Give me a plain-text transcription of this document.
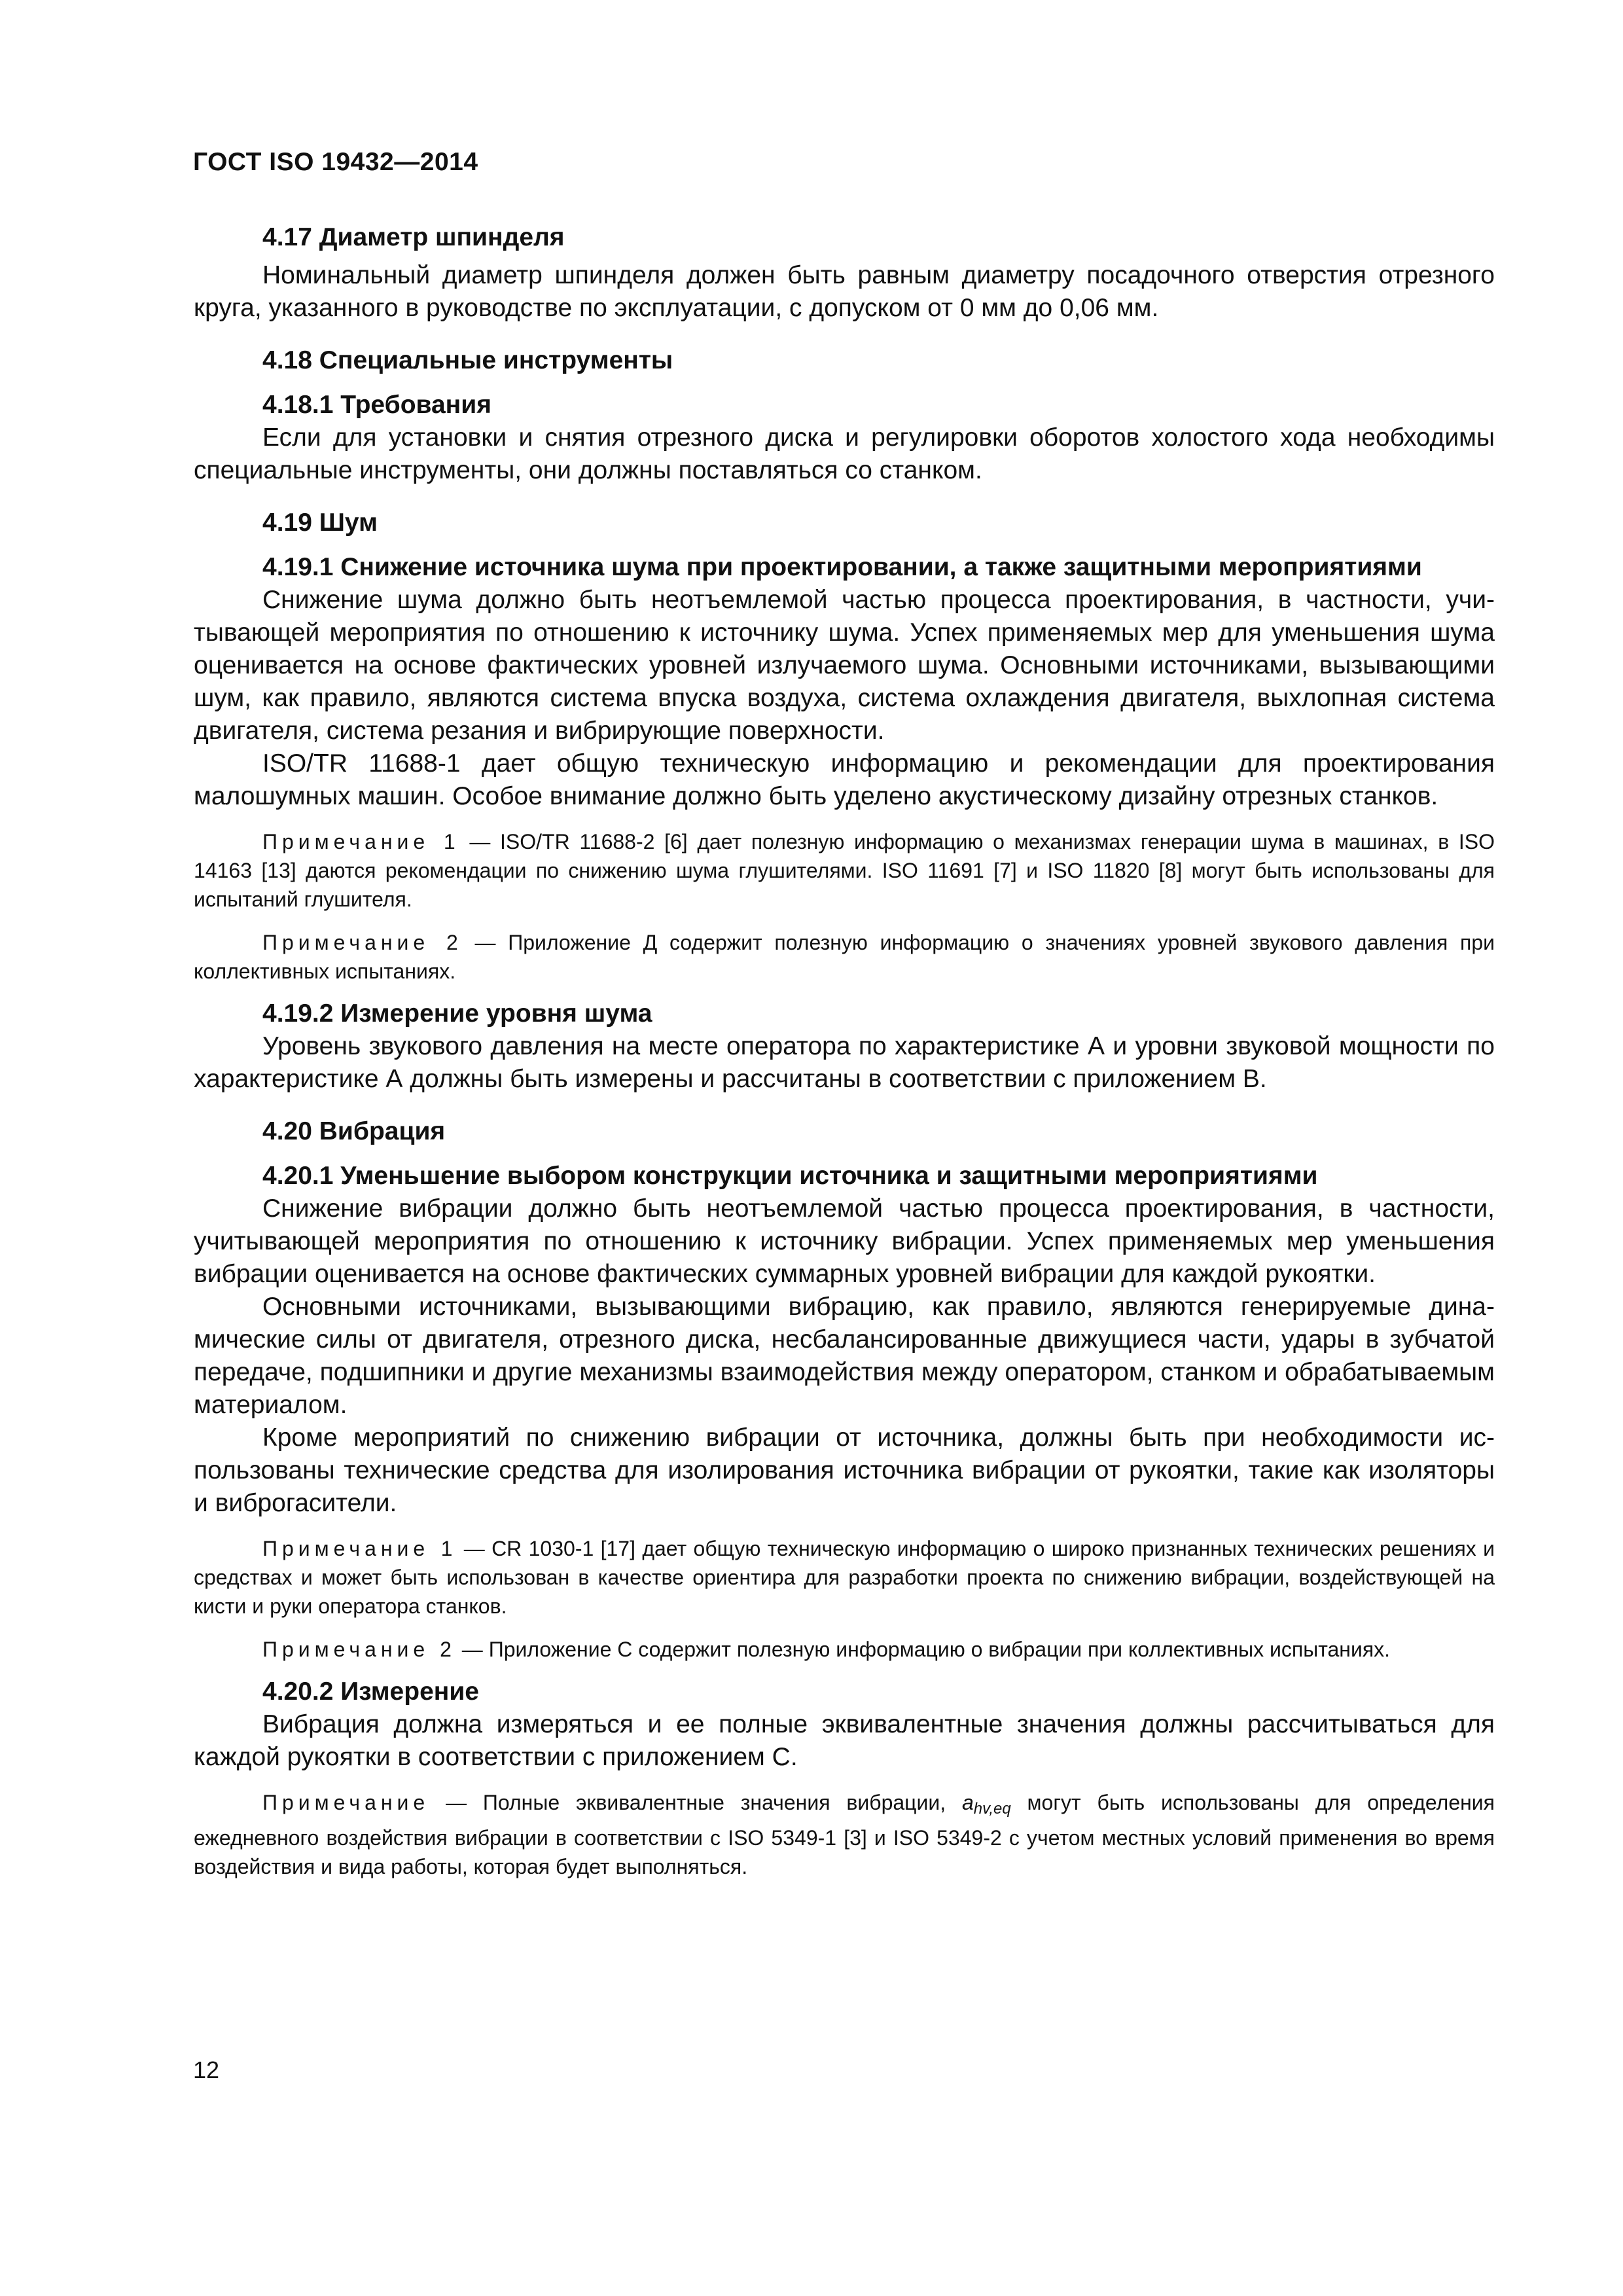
ГОСТ ISO 19432—2014

4.17 Диаметр шпинделя

Номинальный диаметр шпинделя должен быть равным диаметру посадочного отверстия отрезного круга, указанного в руководстве по эксплуатации, с допуском от 0 мм до 0,06 мм.

4.18 Специальные инструменты

4.18.1 Требования

Если для установки и снятия отрезного диска и регулировки оборотов холостого хода необходимы специальные инструменты, они должны поставляться со станком.

4.19 Шум

4.19.1 Снижение источника шума при проектировании, а также защитными мероприятиями

Снижение шума должно быть неотъемлемой частью процесса проектирования, в частности, учитывающей мероприятия по отношению к источнику шума. Успех применяемых мер для уменьшения шума оценивается на основе фактических уровней излучаемого шума. Основными источниками, вызывающими шум, как правило, являются система впуска воздуха, система охлаждения двигателя, выхлопная система двигателя, система резания и вибрирующие поверхности.

ISO/TR 11688-1 дает общую техническую информацию и рекомендации для проектирования малошумных машин. Особое внимание должно быть уделено акустическому дизайну отрезных станков.

Примечание 1 — ISO/TR 11688-2 [6] дает полезную информацию о механизмах генерации шума в машинах, в ISO 14163 [13] даются рекомендации по снижению шума глушителями. ISO 11691 [7] и ISO 11820 [8] могут быть использованы для испытаний глушителя.

Примечание 2 — Приложение Д содержит полезную информацию о значениях уровней звукового давления при коллективных испытаниях.

4.19.2 Измерение уровня шума

Уровень звукового давления на месте оператора по характеристике А и уровни звуковой мощности по характеристике А должны быть измерены и рассчитаны в соответствии с приложением В.

4.20 Вибрация

4.20.1 Уменьшение выбором конструкции источника и защитными мероприятиями

Снижение вибрации должно быть неотъемлемой частью процесса проектирования, в частности, учитывающей мероприятия по отношению к источнику вибрации. Успех применяемых мер уменьшения вибрации оценивается на основе фактических суммарных уровней вибрации для каждой рукоятки.

Основными источниками, вызывающими вибрацию, как правило, являются генерируемые динамические силы от двигателя, отрезного диска, несбалансированные движущиеся части, удары в зубчатой передаче, подшипники и другие механизмы взаимодействия между оператором, станком и обрабатываемым материалом.

Кроме мероприятий по снижению вибрации от источника, должны быть при необходимости использованы технические средства для изолирования источника вибрации от рукоятки, такие как изоляторы и виброгасители.

Примечание 1 — CR 1030-1 [17] дает общую техническую информацию о широко признанных технических решениях и средствах и может быть использован в качестве ориентира для разработки проекта по снижению вибрации, воздействующей на кисти и руки оператора станков.

Примечание 2 — Приложение С содержит полезную информацию о вибрации при коллективных испытаниях.

4.20.2 Измерение

Вибрация должна измеряться и ее полные эквивалентные значения должны рассчитываться для каждой рукоятки в соответствии с приложением С.

Примечание — Полные эквивалентные значения вибрации, $a_{hv,eq}$ могут быть использованы для определения ежедневного воздействия вибрации в соответствии с ISO 5349-1 [3] и ISO 5349-2 с учетом местных условий применения во время воздействия и вида работы, которая будет выполняться.

12
